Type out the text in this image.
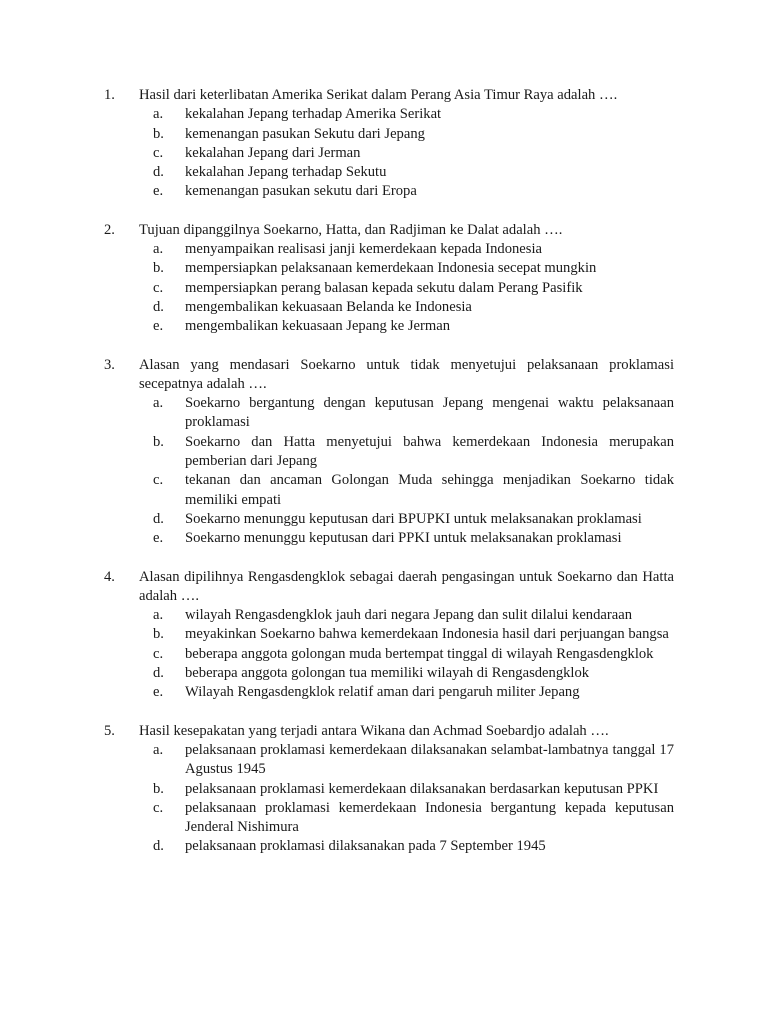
1. Hasil dari keterlibatan Amerika Serikat dalam Perang Asia Timur Raya adalah ….
a. kekalahan Jepang terhadap Amerika Serikat
b. kemenangan pasukan Sekutu dari Jepang
c. kekalahan Jepang dari Jerman
d. kekalahan Jepang terhadap Sekutu
e. kemenangan pasukan sekutu dari Eropa
2. Tujuan dipanggilnya Soekarno, Hatta, dan Radjiman ke Dalat adalah ….
a. menyampaikan realisasi janji kemerdekaan kepada Indonesia
b. mempersiapkan pelaksanaan kemerdekaan Indonesia secepat mungkin
c. mempersiapkan perang balasan kepada sekutu dalam Perang Pasifik
d. mengembalikan kekuasaan Belanda ke Indonesia
e. mengembalikan kekuasaan Jepang ke Jerman
3. Alasan yang mendasari Soekarno untuk tidak menyetujui pelaksanaan proklamasi secepatnya adalah ….
a. Soekarno bergantung dengan keputusan Jepang mengenai waktu pelaksanaan proklamasi
b. Soekarno dan Hatta menyetujui bahwa kemerdekaan Indonesia merupakan pemberian dari Jepang
c. tekanan dan ancaman Golongan Muda sehingga menjadikan Soekarno tidak memiliki empati
d. Soekarno menunggu keputusan dari BPUPKI untuk melaksanakan proklamasi
e. Soekarno menunggu keputusan dari PPKI untuk melaksanakan proklamasi
4. Alasan dipilihnya Rengasdengklok sebagai daerah pengasingan untuk Soekarno dan Hatta adalah ….
a. wilayah Rengasdengklok jauh dari negara Jepang dan sulit dilalui kendaraan
b. meyakinkan Soekarno bahwa kemerdekaan Indonesia hasil dari perjuangan bangsa
c. beberapa anggota golongan muda bertempat tinggal di wilayah Rengasdengklok
d. beberapa anggota golongan tua memiliki wilayah di Rengasdengklok
e. Wilayah Rengasdengklok relatif aman dari pengaruh militer Jepang
5. Hasil kesepakatan yang terjadi antara Wikana dan Achmad Soebardjo adalah ….
a. pelaksanaan proklamasi kemerdekaan dilaksanakan selambat-lambatnya tanggal 17 Agustus 1945
b. pelaksanaan proklamasi kemerdekaan dilaksanakan berdasarkan keputusan PPKI
c. pelaksanaan proklamasi kemerdekaan Indonesia bergantung kepada keputusan Jenderal Nishimura
d. pelaksanaan proklamasi dilaksanakan pada 7 September 1945
